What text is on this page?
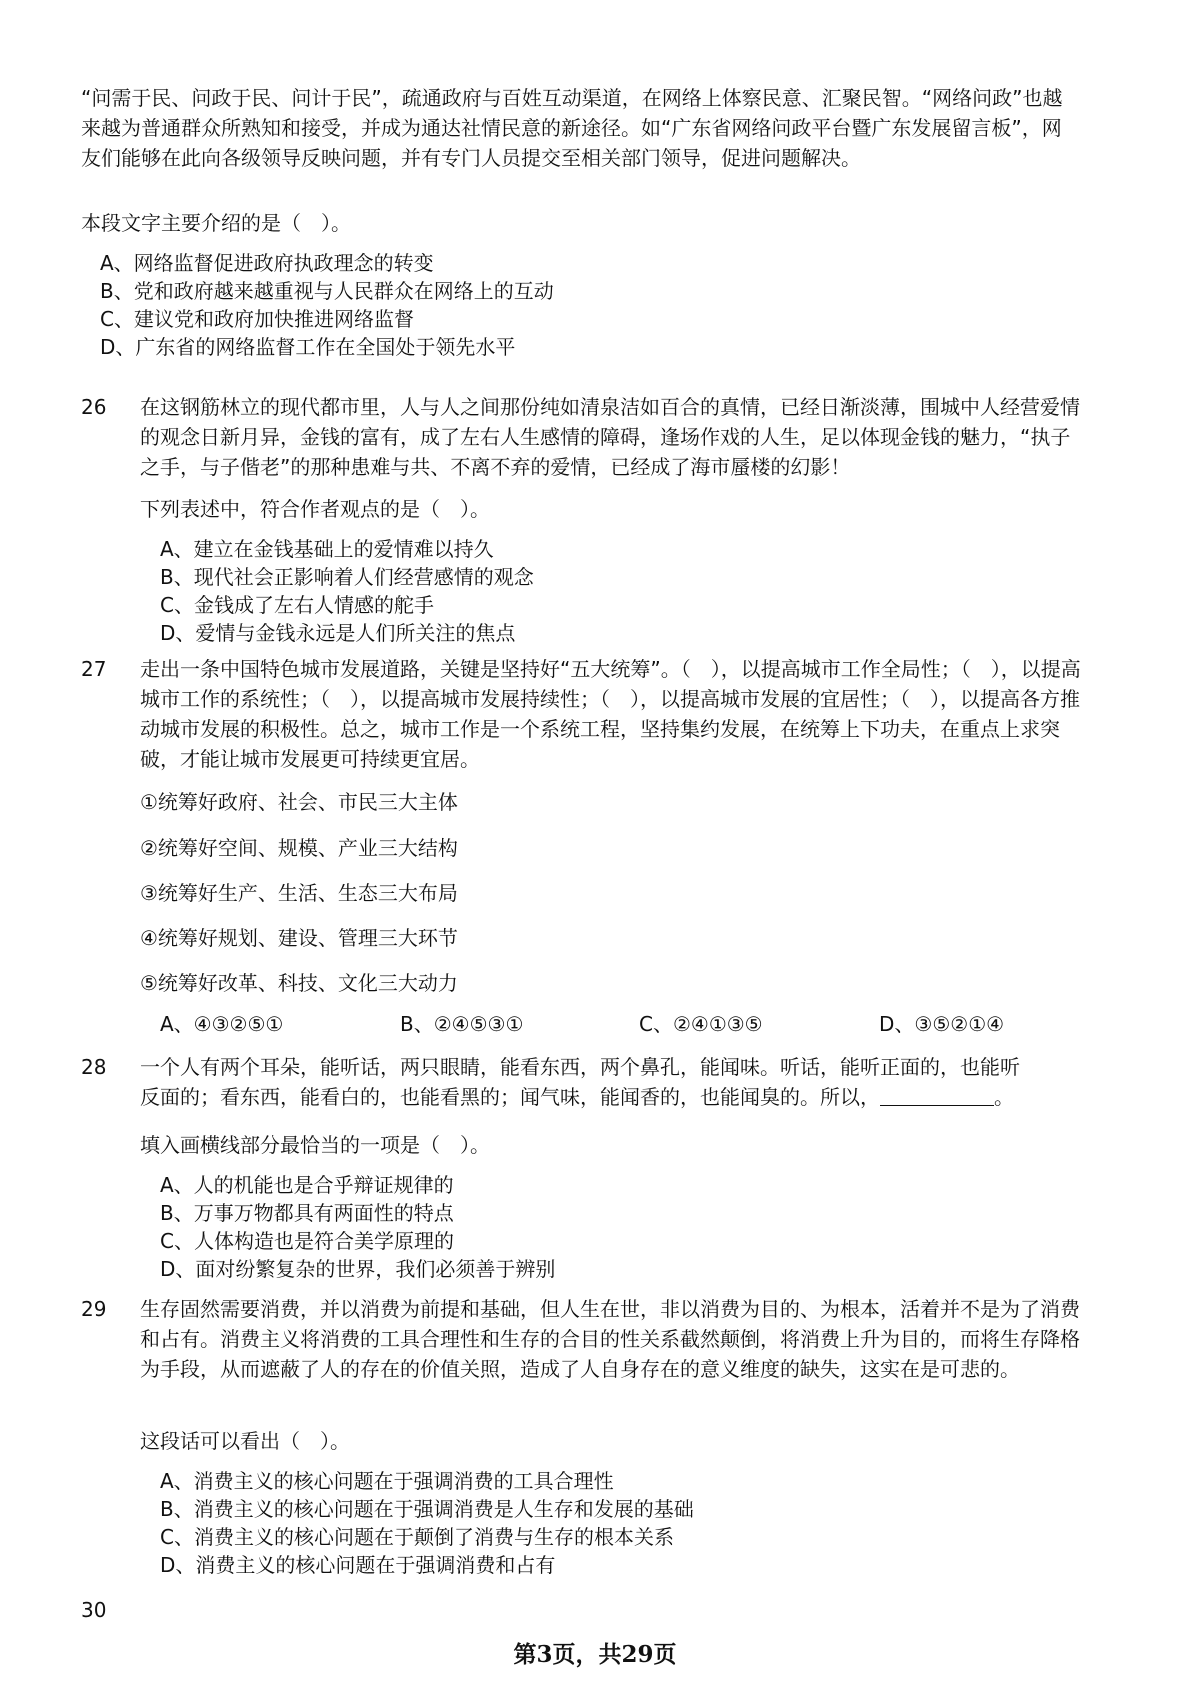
“问需于民、问政于民、问计于民”，疏通政府与百姓互动渠道，在网络上体察民意、汇聚民智。“网络问政”也越来越为普通群众所熟知和接受，并成为通达社情民意的新途径。如“广东省网络问政平台暨广东发展留言板”，网友们能够在此向各级领导反映问题，并有专门人员提交至相关部门领导，促进问题解决。

本段文字主要介绍的是（　）。
A、网络监督促进政府执政理念的转变
B、党和政府越来越重视与人民群众在网络上的互动
C、建议党和政府加快推进网络监督
D、广东省的网络监督工作在全国处于领先水平
26 在这钢筋林立的现代都市里，人与人之间那份纯如清泉洁如百合的真情，已经日渐淡薄，围城中人经营爱情的观念日新月异，金钱的富有，成了左右人生感情的障碍，逢场作戏的人生，足以体现金钱的魅力，“执子之手，与子偕老”的那种患难与共、不离不弃的爱情，已经成了海市蜃楼的幻影！

下列表述中，符合作者观点的是（　）。
A、建立在金钱基础上的爱情难以持久
B、现代社会正影响着人们经营感情的观念
C、金钱成了左右人情感的舵手
D、爱情与金钱永远是人们所关注的焦点
27 走出一条中国特色城市发展道路，关键是坚持好“五大统筹”。（　），以提高城市工作全局性；（　），以提高城市工作的系统性；（　），以提高城市发展持续性；（　），以提高城市发展的宜居性；（　），以提高各方推动城市发展的积极性。总之，城市工作是一个系统工程，坚持集约发展，在统筹上下功夫，在重点上求突破，才能让城市发展更可持续更宜居。

①统筹好政府、社会、市民三大主体
②统筹好空间、规模、产业三大结构
③统筹好生产、生活、生态三大布局
④统筹好规划、建设、管理三大环节
⑤统筹好改革、科技、文化三大动力
A、④③②⑤①	B、②④⑤③①	C、②④①③⑤	D、③⑤②①④
28 一个人有两个耳朵，能听话，两只眼睛，能看东西，两个鼻孔，能闻味。听话，能听正面的，也能听
反面的；看东西，能看白的，也能看黑的；闻气味，能闻香的，也能闻臭的。所以，	。
填入画横线部分最恰当的一项是（　）。
A、人的机能也是合乎辩证规律的
B、万事万物都具有两面性的特点
C、人体构造也是符合美学原理的
D、面对纷繁复杂的世界，我们必须善于辨别
29 生存固然需要消费，并以消费为前提和基础，但人生在世，非以消费为目的、为根本，活着并不是为了消费和占有。消费主义将消费的工具合理性和生存的合目的性关系截然颠倒，将消费上升为目的，而将生存降格为手段，从而遮蔽了人的存在的价值关照，造成了人自身存在的意义维度的缺失，这实在是可悲的。

这段话可以看出（　）。
A、消费主义的核心问题在于强调消费的工具合理性
B、消费主义的核心问题在于强调消费是人生存和发展的基础
C、消费主义的核心问题在于颠倒了消费与生存的根本关系
D、消费主义的核心问题在于强调消费和占有
30
第3页，共29页
